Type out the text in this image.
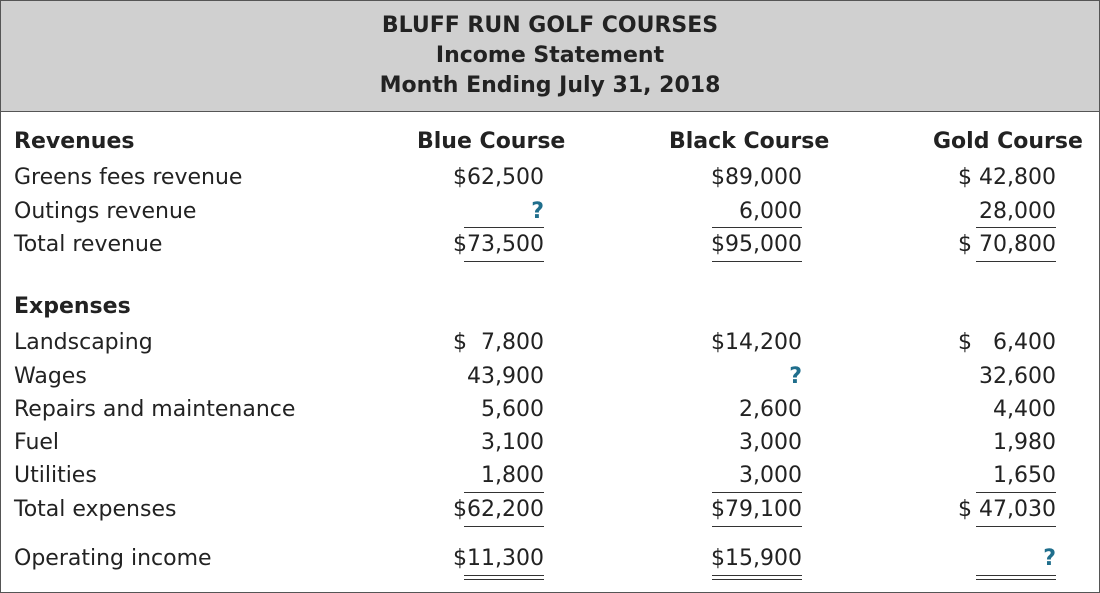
BLUFF RUN GOLF COURSES
Income Statement
Month Ending July 31, 2018
Revenues	Blue Course	Black Course	Gold Course
Greens fees revenue	$62,500	$89,000	$ 42,800
Outings revenue	?	6,000	28,000
Total revenue	$73,500	$95,000	$ 70,800
Expenses
Landscaping	$ 7,800	$14,200	$ 6,400
Wages	43,900	?	32,600
Repairs and maintenance	5,600	2,600	4,400
Fuel	3,100	3,000	1,980
Utilities	1,800	3,000	1,650
Total expenses	$62,200	$79,100	$ 47,030
Operating income	$11,300	$15,900	?
